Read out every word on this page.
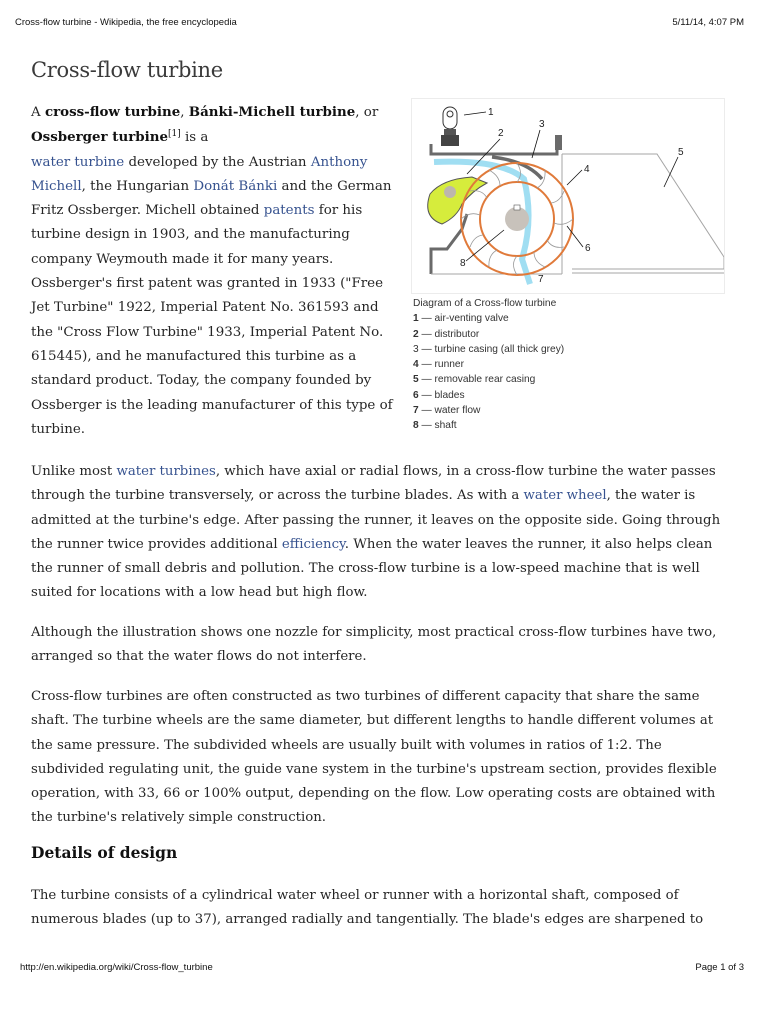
Cross-flow turbine - Wikipedia, the free encyclopedia	5/11/14, 4:07 PM
Cross-flow turbine

A cross-flow turbine, Bánki-Michell turbine, or Ossberger turbine[1] is a
water turbine developed by the Austrian Anthony Michell, the Hungarian Donát Bánki and the German Fritz Ossberger. Michell obtained patents for his turbine design in 1903, and the manufacturing company Weymouth made it for many years. Ossberger's first patent was granted in 1933 ("Free Jet Turbine" 1922, Imperial Patent No. 361593 and the "Cross Flow Turbine" 1933, Imperial Patent No. 615445), and he manufactured this turbine as a standard product. Today, the company founded by Ossberger is the leading manufacturer of this type of turbine.

1
2
3
4
5
6
7
8
Diagram of a Cross-flow turbine
1 — air-venting valve
2 — distributor
3 — turbine casing (all thick grey)
4 — runner
5 — removable rear casing
6 — blades
7 — water flow
8 — shaft

Unlike most water turbines, which have axial or radial flows, in a cross-flow turbine the water passes through the turbine transversely, or across the turbine blades. As with a water wheel, the water is admitted at the turbine's edge. After passing the runner, it leaves on the opposite side. Going through the runner twice provides additional efficiency. When the water leaves the runner, it also helps clean the runner of small debris and pollution. The cross-flow turbine is a low-speed machine that is well suited for locations with a low head but high flow.

Although the illustration shows one nozzle for simplicity, most practical cross-flow turbines have two, arranged so that the water flows do not interfere.

Cross-flow turbines are often constructed as two turbines of different capacity that share the same shaft. The turbine wheels are the same diameter, but different lengths to handle different volumes at the same pressure. The subdivided wheels are usually built with volumes in ratios of 1:2. The subdivided regulating unit, the guide vane system in the turbine's upstream section, provides flexible operation, with 33, 66 or 100% output, depending on the flow. Low operating costs are obtained with the turbine's relatively simple construction.

Details of design

The turbine consists of a cylindrical water wheel or runner with a horizontal shaft, composed of numerous blades (up to 37), arranged radially and tangentially. The blade's edges are sharpened to

http://en.wikipedia.org/wiki/Cross-flow_turbine	Page 1 of 3
